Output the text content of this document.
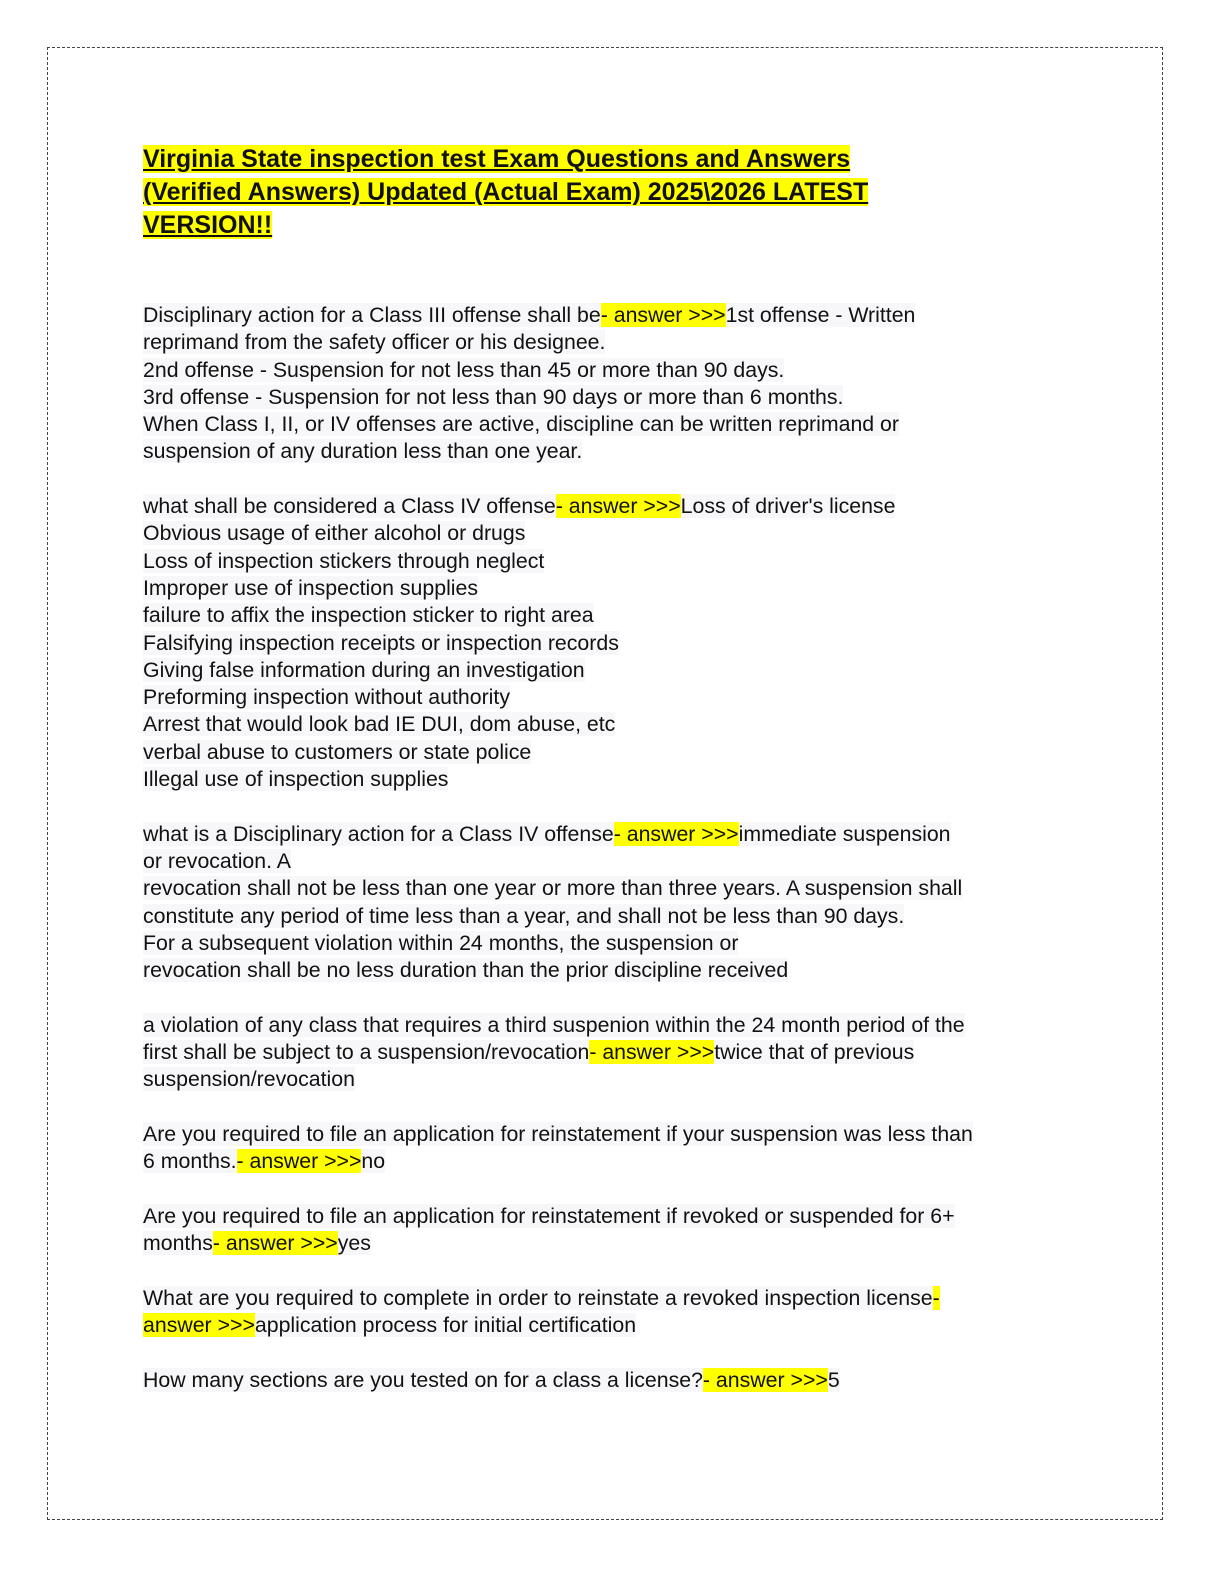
Virginia State inspection test Exam Questions and Answers
(Verified Answers) Updated (Actual Exam) 2025\2026 LATEST
VERSION!!
Disciplinary action for a Class III offense shall be- answer >>>1st offense - Written
reprimand from the safety officer or his designee.
2nd offense - Suspension for not less than 45 or more than 90 days.
3rd offense - Suspension for not less than 90 days or more than 6 months.
When Class I, II, or IV offenses are active, discipline can be written reprimand or
suspension of any duration less than one year.
what shall be considered a Class IV offense- answer >>>Loss of driver's license
Obvious usage of either alcohol or drugs
Loss of inspection stickers through neglect
Improper use of inspection supplies
failure to affix the inspection sticker to right area
Falsifying inspection receipts or inspection records
Giving false information during an investigation
Preforming inspection without authority
Arrest that would look bad IE DUI, dom abuse, etc
verbal abuse to customers or state police
Illegal use of inspection supplies
what is a Disciplinary action for a Class IV offense- answer >>>immediate suspension
or revocation. A
revocation shall not be less than one year or more than three years. A suspension shall
constitute any period of time less than a year, and shall not be less than 90 days.
For a subsequent violation within 24 months, the suspension or
revocation shall be no less duration than the prior discipline received
a violation of any class that requires a third suspenion within the 24 month period of the
first shall be subject to a suspension/revocation- answer >>>twice that of previous
suspension/revocation
Are you required to file an application for reinstatement if your suspension was less than
6 months.- answer >>>no
Are you required to file an application for reinstatement if revoked or suspended for 6+
months- answer >>>yes
What are you required to complete in order to reinstate a revoked inspection license-
answer >>>application process for initial certification
How many sections are you tested on for a class a license?- answer >>>5
